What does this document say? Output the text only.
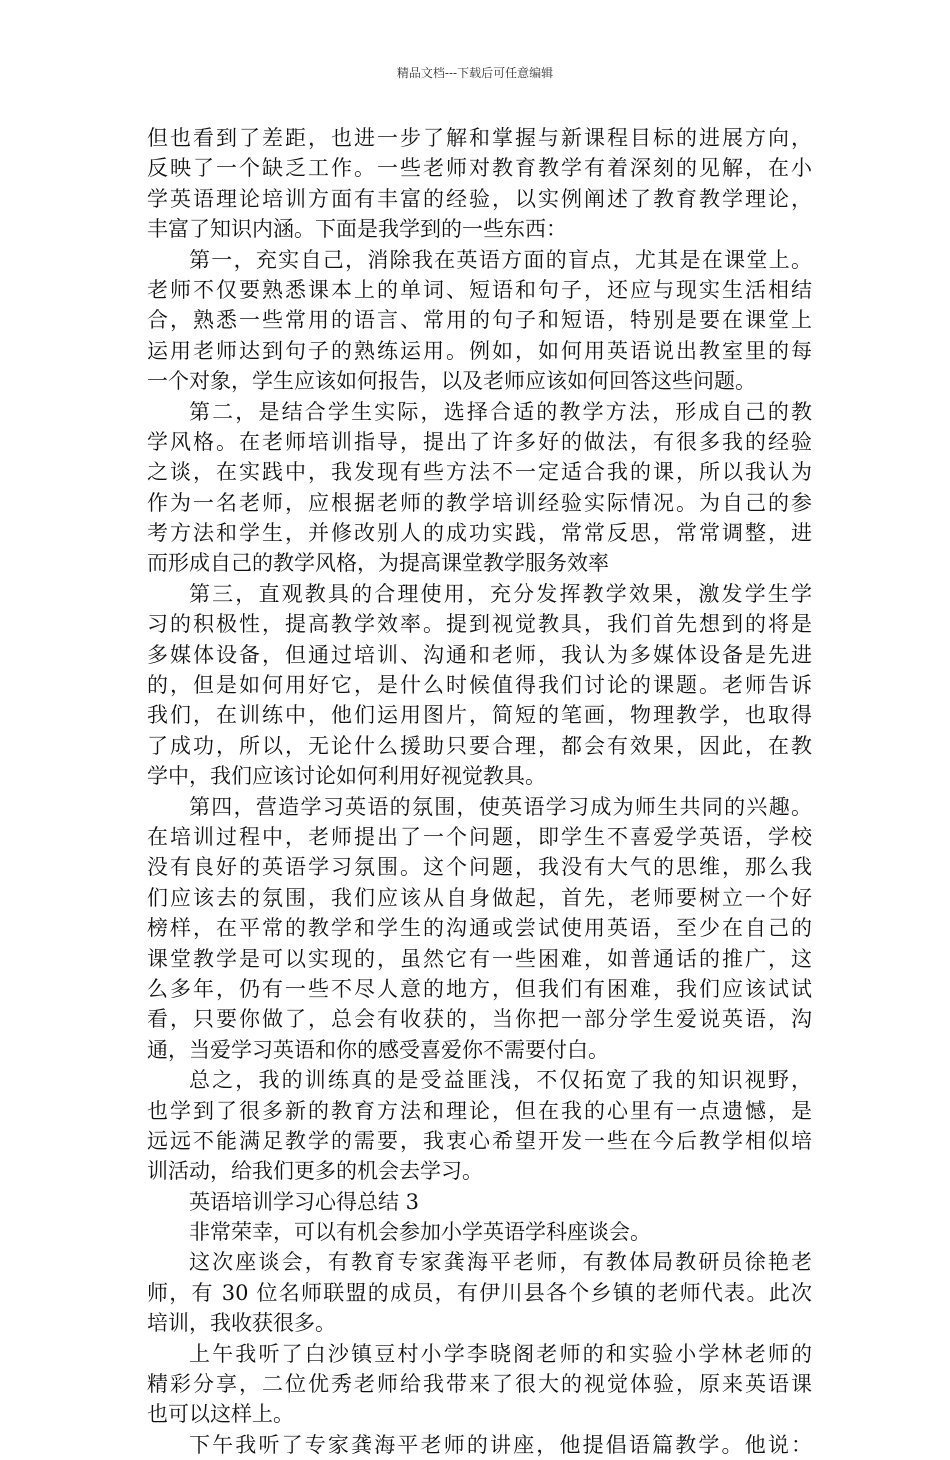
精品文档---下载后可任意编辑
但也看到了差距，也进一步了解和掌握与新课程目标的进展方向，
反映了一个缺乏工作。一些老师对教育教学有着深刻的见解，在小
学英语理论培训方面有丰富的经验，以实例阐述了教育教学理论，
丰富了知识内涵。下面是我学到的一些东西：
第一，充实自己，消除我在英语方面的盲点，尤其是在课堂上。
老师不仅要熟悉课本上的单词、短语和句子，还应与现实生活相结
合，熟悉一些常用的语言、常用的句子和短语，特别是要在课堂上
运用老师达到句子的熟练运用。例如，如何用英语说出教室里的每
一个对象，学生应该如何报告，以及老师应该如何回答这些问题。
第二，是结合学生实际，选择合适的教学方法，形成自己的教
学风格。在老师培训指导，提出了许多好的做法，有很多我的经验
之谈，在实践中，我发现有些方法不一定适合我的课，所以我认为
作为一名老师，应根据老师的教学培训经验实际情况。为自己的参
考方法和学生，并修改别人的成功实践，常常反思，常常调整，进
而形成自己的教学风格，为提高课堂教学服务效率
第三，直观教具的合理使用，充分发挥教学效果，激发学生学
习的积极性，提高教学效率。提到视觉教具，我们首先想到的将是
多媒体设备，但通过培训、沟通和老师，我认为多媒体设备是先进
的，但是如何用好它，是什么时候值得我们讨论的课题。老师告诉
我们，在训练中，他们运用图片，简短的笔画，物理教学，也取得
了成功，所以，无论什么援助只要合理，都会有效果，因此，在教
学中，我们应该讨论如何利用好视觉教具。
第四，营造学习英语的氛围，使英语学习成为师生共同的兴趣。
在培训过程中，老师提出了一个问题，即学生不喜爱学英语，学校
没有良好的英语学习氛围。这个问题，我没有大气的思维，那么我
们应该去的氛围，我们应该从自身做起，首先，老师要树立一个好
榜样，在平常的教学和学生的沟通或尝试使用英语，至少在自己的
课堂教学是可以实现的，虽然它有一些困难，如普通话的推广，这
么多年，仍有一些不尽人意的地方，但我们有困难，我们应该试试
看，只要你做了，总会有收获的，当你把一部分学生爱说英语，沟
通，当爱学习英语和你的感受喜爱你不需要付白。
总之，我的训练真的是受益匪浅，不仅拓宽了我的知识视野，
也学到了很多新的教育方法和理论，但在我的心里有一点遗憾，是
远远不能满足教学的需要，我衷心希望开发一些在今后教学相似培
训活动，给我们更多的机会去学习。
英语培训学习心得总结 3
非常荣幸，可以有机会参加小学英语学科座谈会。
这次座谈会，有教育专家龚海平老师，有教体局教研员徐艳老
师，有 30 位名师联盟的成员，有伊川县各个乡镇的老师代表。此次
培训，我收获很多。
上午我听了白沙镇豆村小学李晓阁老师的和实验小学林老师的
精彩分享，二位优秀老师给我带来了很大的视觉体验，原来英语课
也可以这样上。
下午我听了专家龚海平老师的讲座，他提倡语篇教学。他说：
